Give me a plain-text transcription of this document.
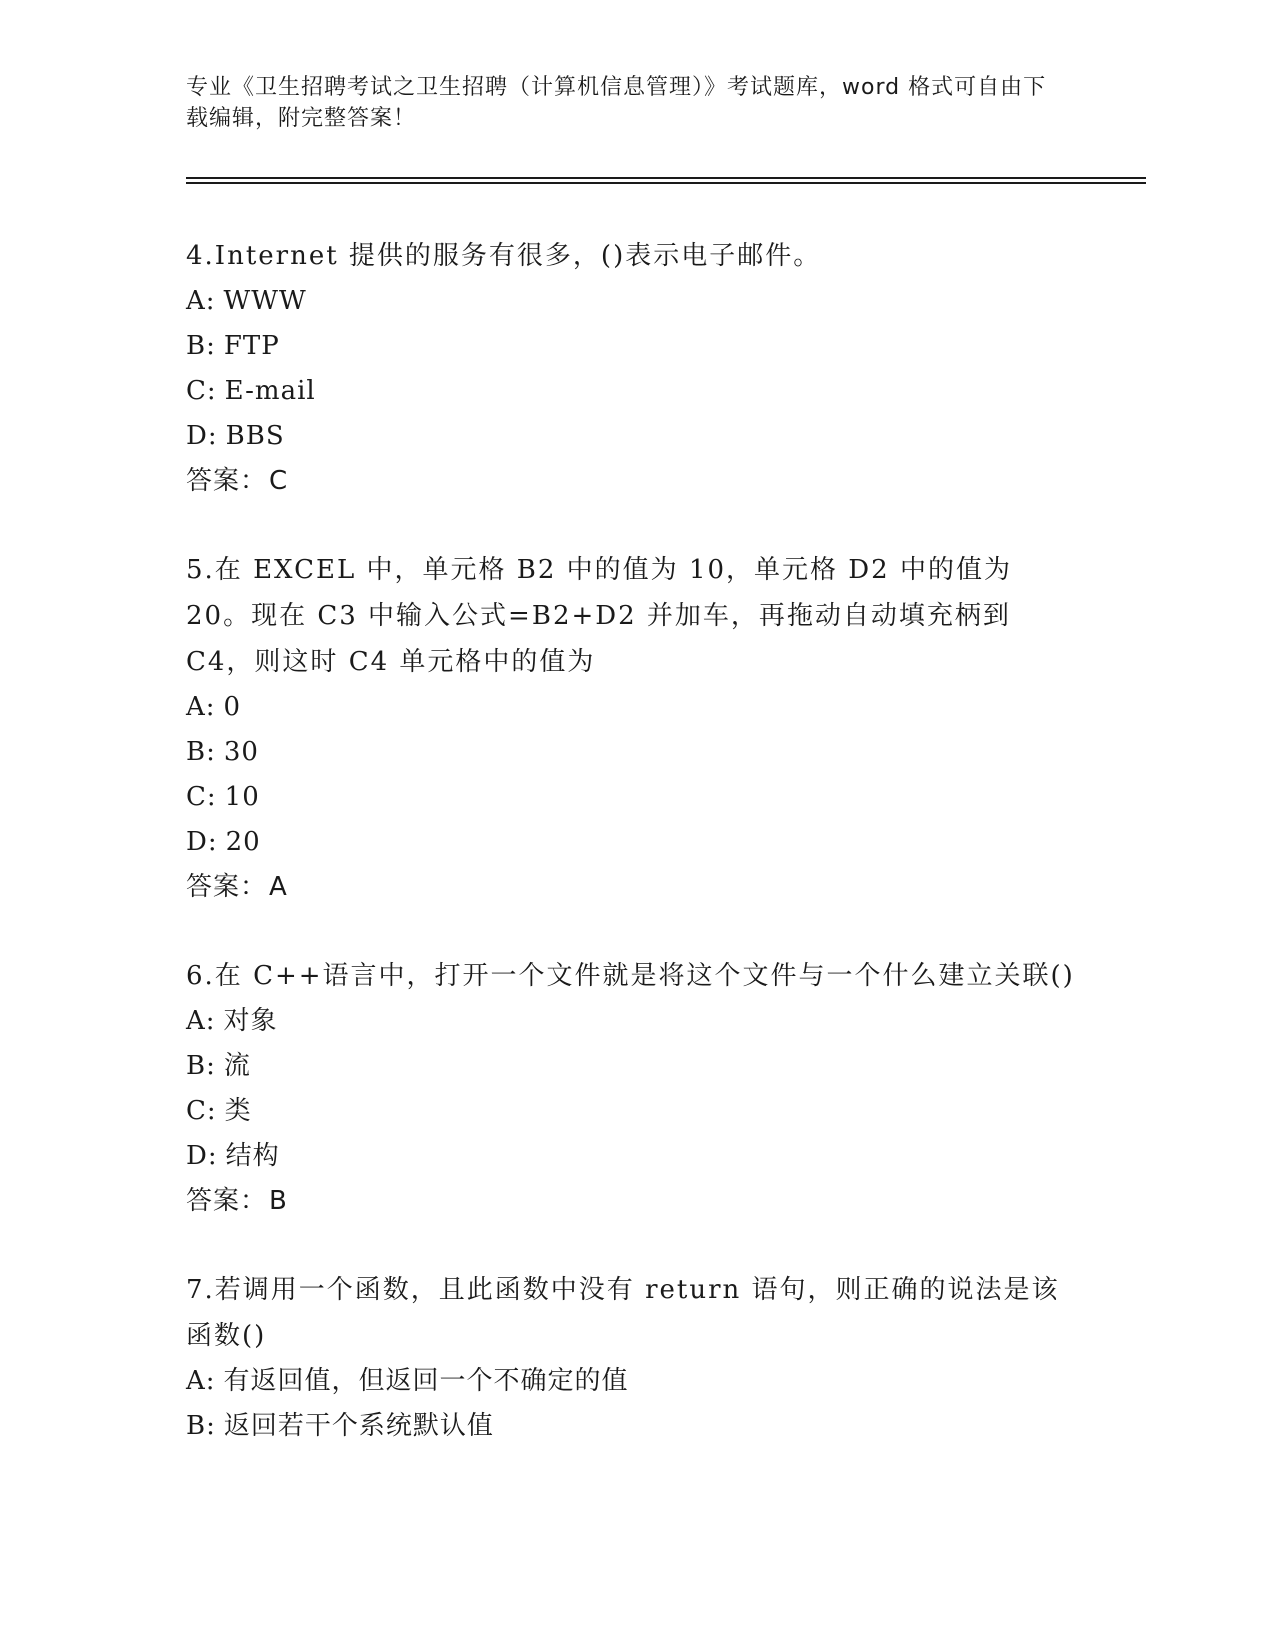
专业《卫生招聘考试之卫生招聘（计算机信息管理）》考试题库，word 格式可自由下载编辑，附完整答案！

4.Internet 提供的服务有很多，()表示电子邮件。

A: WWW

B: FTP

C: E-mail

D: BBS

答案：C

5.在 EXCEL 中，单元格 B2 中的值为 10，单元格 D2 中的值为 20。现在 C3 中输入公式=B2+D2 并加车，再拖动自动填充柄到 C4，则这时 C4 单元格中的值为

A: 0

B: 30

C: 10

D: 20

答案：A

6.在 C++语言中，打开一个文件就是将这个文件与一个什么建立关联()

A: 对象

B: 流

C: 类

D: 结构

答案：B

7.若调用一个函数，且此函数中没有 return 语句，则正确的说法是该函数()

A: 有返回值，但返回一个不确定的值

B: 返回若干个系统默认值
